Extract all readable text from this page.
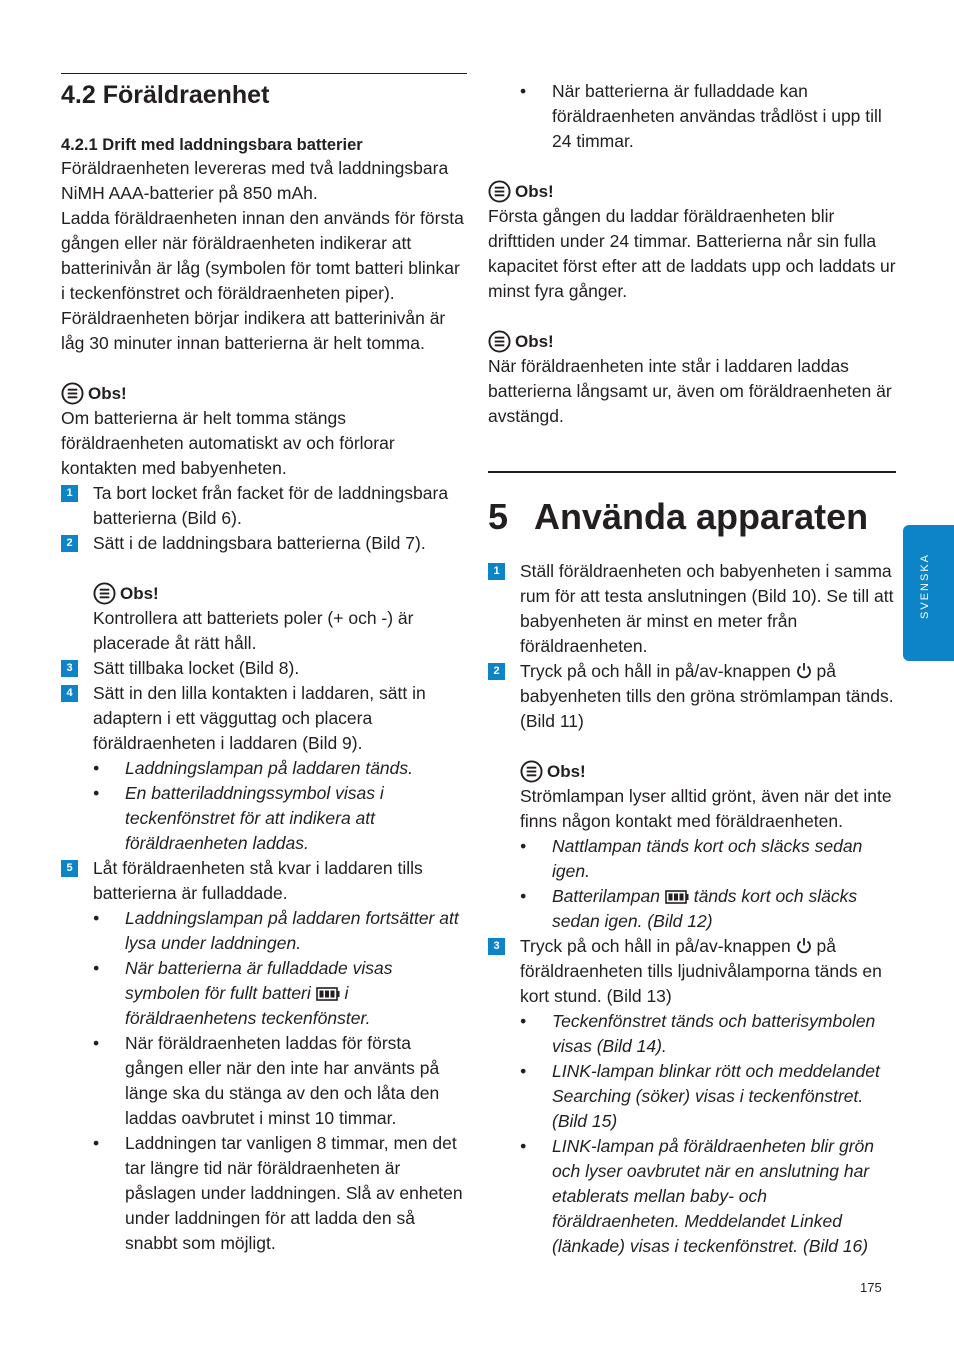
4.2 Föräldraenhet
4.2.1 Drift med laddningsbara batterier

Föräldraenheten levereras med två laddningsbara NiMH AAA-batterier på 850 mAh.

Ladda föräldraenheten innan den används för första gången eller när föräldraenheten indikerar att batterinivån är låg (symbolen för tomt batteri blinkar i teckenfönstret och föräldraenheten piper). Föräldraenheten börjar indikera att batterinivån är låg 30 minuter innan batterierna är helt tomma.

Obs!

Om batterierna är helt tomma stängs föräldraenheten automatiskt av och förlorar kontakten med babyenheten.

1	Ta bort locket från facket för de laddningsbara batterierna (Bild 6).
2	Sätt i de laddningsbara batterierna (Bild 7).
Obs!

Kontrollera att batteriets poler (+ och -) är placerade åt rätt håll.

3	Sätt tillbaka locket (Bild 8).
4	Sätt in den lilla kontakten i laddaren, sätt in adaptern i ett vägguttag och placera föräldraenheten i laddaren (Bild 9).
• Laddningslampan på laddaren tänds.
• En batteriladdningssymbol visas i teckenfönstret för att indikera att föräldraenheten laddas.
5	Låt föräldraenheten stå kvar i laddaren tills batterierna är fulladdade.
• Laddningslampan på laddaren fortsätter att lysa under laddningen.
• När batterierna är fulladdade visas symbolen för fullt batteri i föräldraenhetens teckenfönster.
• När föräldraenheten laddas för första gången eller när den inte har använts på länge ska du stänga av den och låta den laddas oavbrutet i minst 10 timmar.
• Laddningen tar vanligen 8 timmar, men det tar längre tid när föräldraenheten är påslagen under laddningen. Slå av enheten under laddningen för att ladda den så snabbt som möjligt.
• När batterierna är fulladdade kan föräldraenheten användas trådlöst i upp till 24 timmar.
Obs!

Första gången du laddar föräldraenheten blir drifttiden under 24 timmar. Batterierna når sin fulla kapacitet först efter att de laddats upp och laddats ur minst fyra gånger.

Obs!

När föräldraenheten inte står i laddaren laddas batterierna långsamt ur, även om föräldraenheten är avstängd.

5 Använda apparaten
1	Ställ föräldraenheten och babyenheten i samma rum för att testa anslutningen (Bild 10). Se till att babyenheten är minst en meter från föräldraenheten.
2	Tryck på och håll in på/av-knappen på babyenheten tills den gröna strömlampan tänds. (Bild 11)
Obs!

Strömlampan lyser alltid grönt, även när det inte finns någon kontakt med föräldraenheten.

• Nattlampan tänds kort och släcks sedan igen.
• Batterilampan tänds kort och släcks sedan igen. (Bild 12)
3	Tryck på och håll in på/av-knappen på föräldraenheten tills ljudnivålamporna tänds en kort stund. (Bild 13)
• Teckenfönstret tänds och batterisymbolen visas (Bild 14).
• LINK-lampan blinkar rött och meddelandet Searching (söker) visas i teckenfönstret. (Bild 15)
• LINK-lampan på föräldraenheten blir grön och lyser oavbrutet när en anslutning har etablerats mellan baby- och föräldraenheten. Meddelandet Linked (länkade) visas i teckenfönstret. (Bild 16)
SVENSKA
175
